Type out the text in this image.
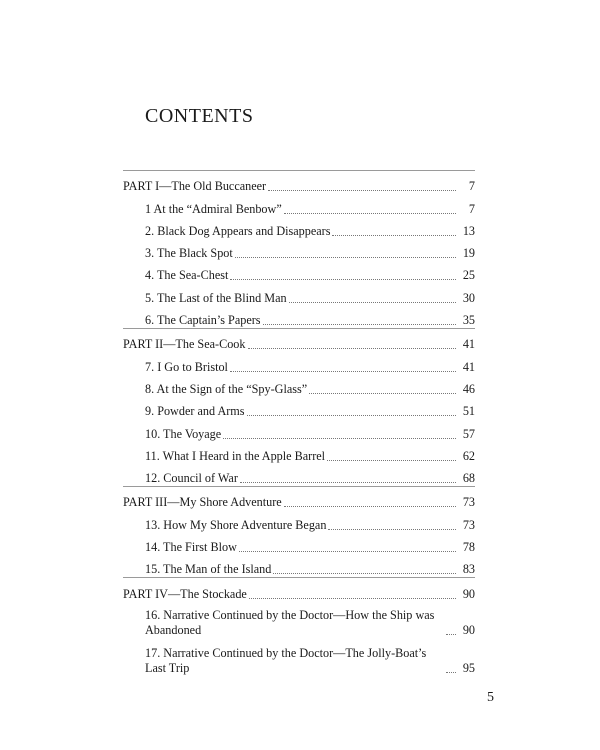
CONTENTS
PART I—The Old Buccaneer	7
1 At the “Admiral Benbow”	7
2. Black Dog Appears and Disappears	13
3. The Black Spot	19
4. The Sea-Chest	25
5. The Last of the Blind Man	30
6. The Captain’s Papers	35
PART II—The Sea-Cook	41
7. I Go to Bristol	41
8. At the Sign of the “Spy-Glass”	46
9. Powder and Arms	51
10. The Voyage	57
11. What I Heard in the Apple Barrel	62
12. Council of War	68
PART III—My Shore Adventure	73
13. How My Shore Adventure Began	73
14. The First Blow	78
15. The Man of the Island	83
PART IV—The Stockade	90
16. Narrative Continued by the Doctor—How the Ship was Abandoned	90
17. Narrative Continued by the Doctor—The Jolly-Boat’s Last Trip	95
5
